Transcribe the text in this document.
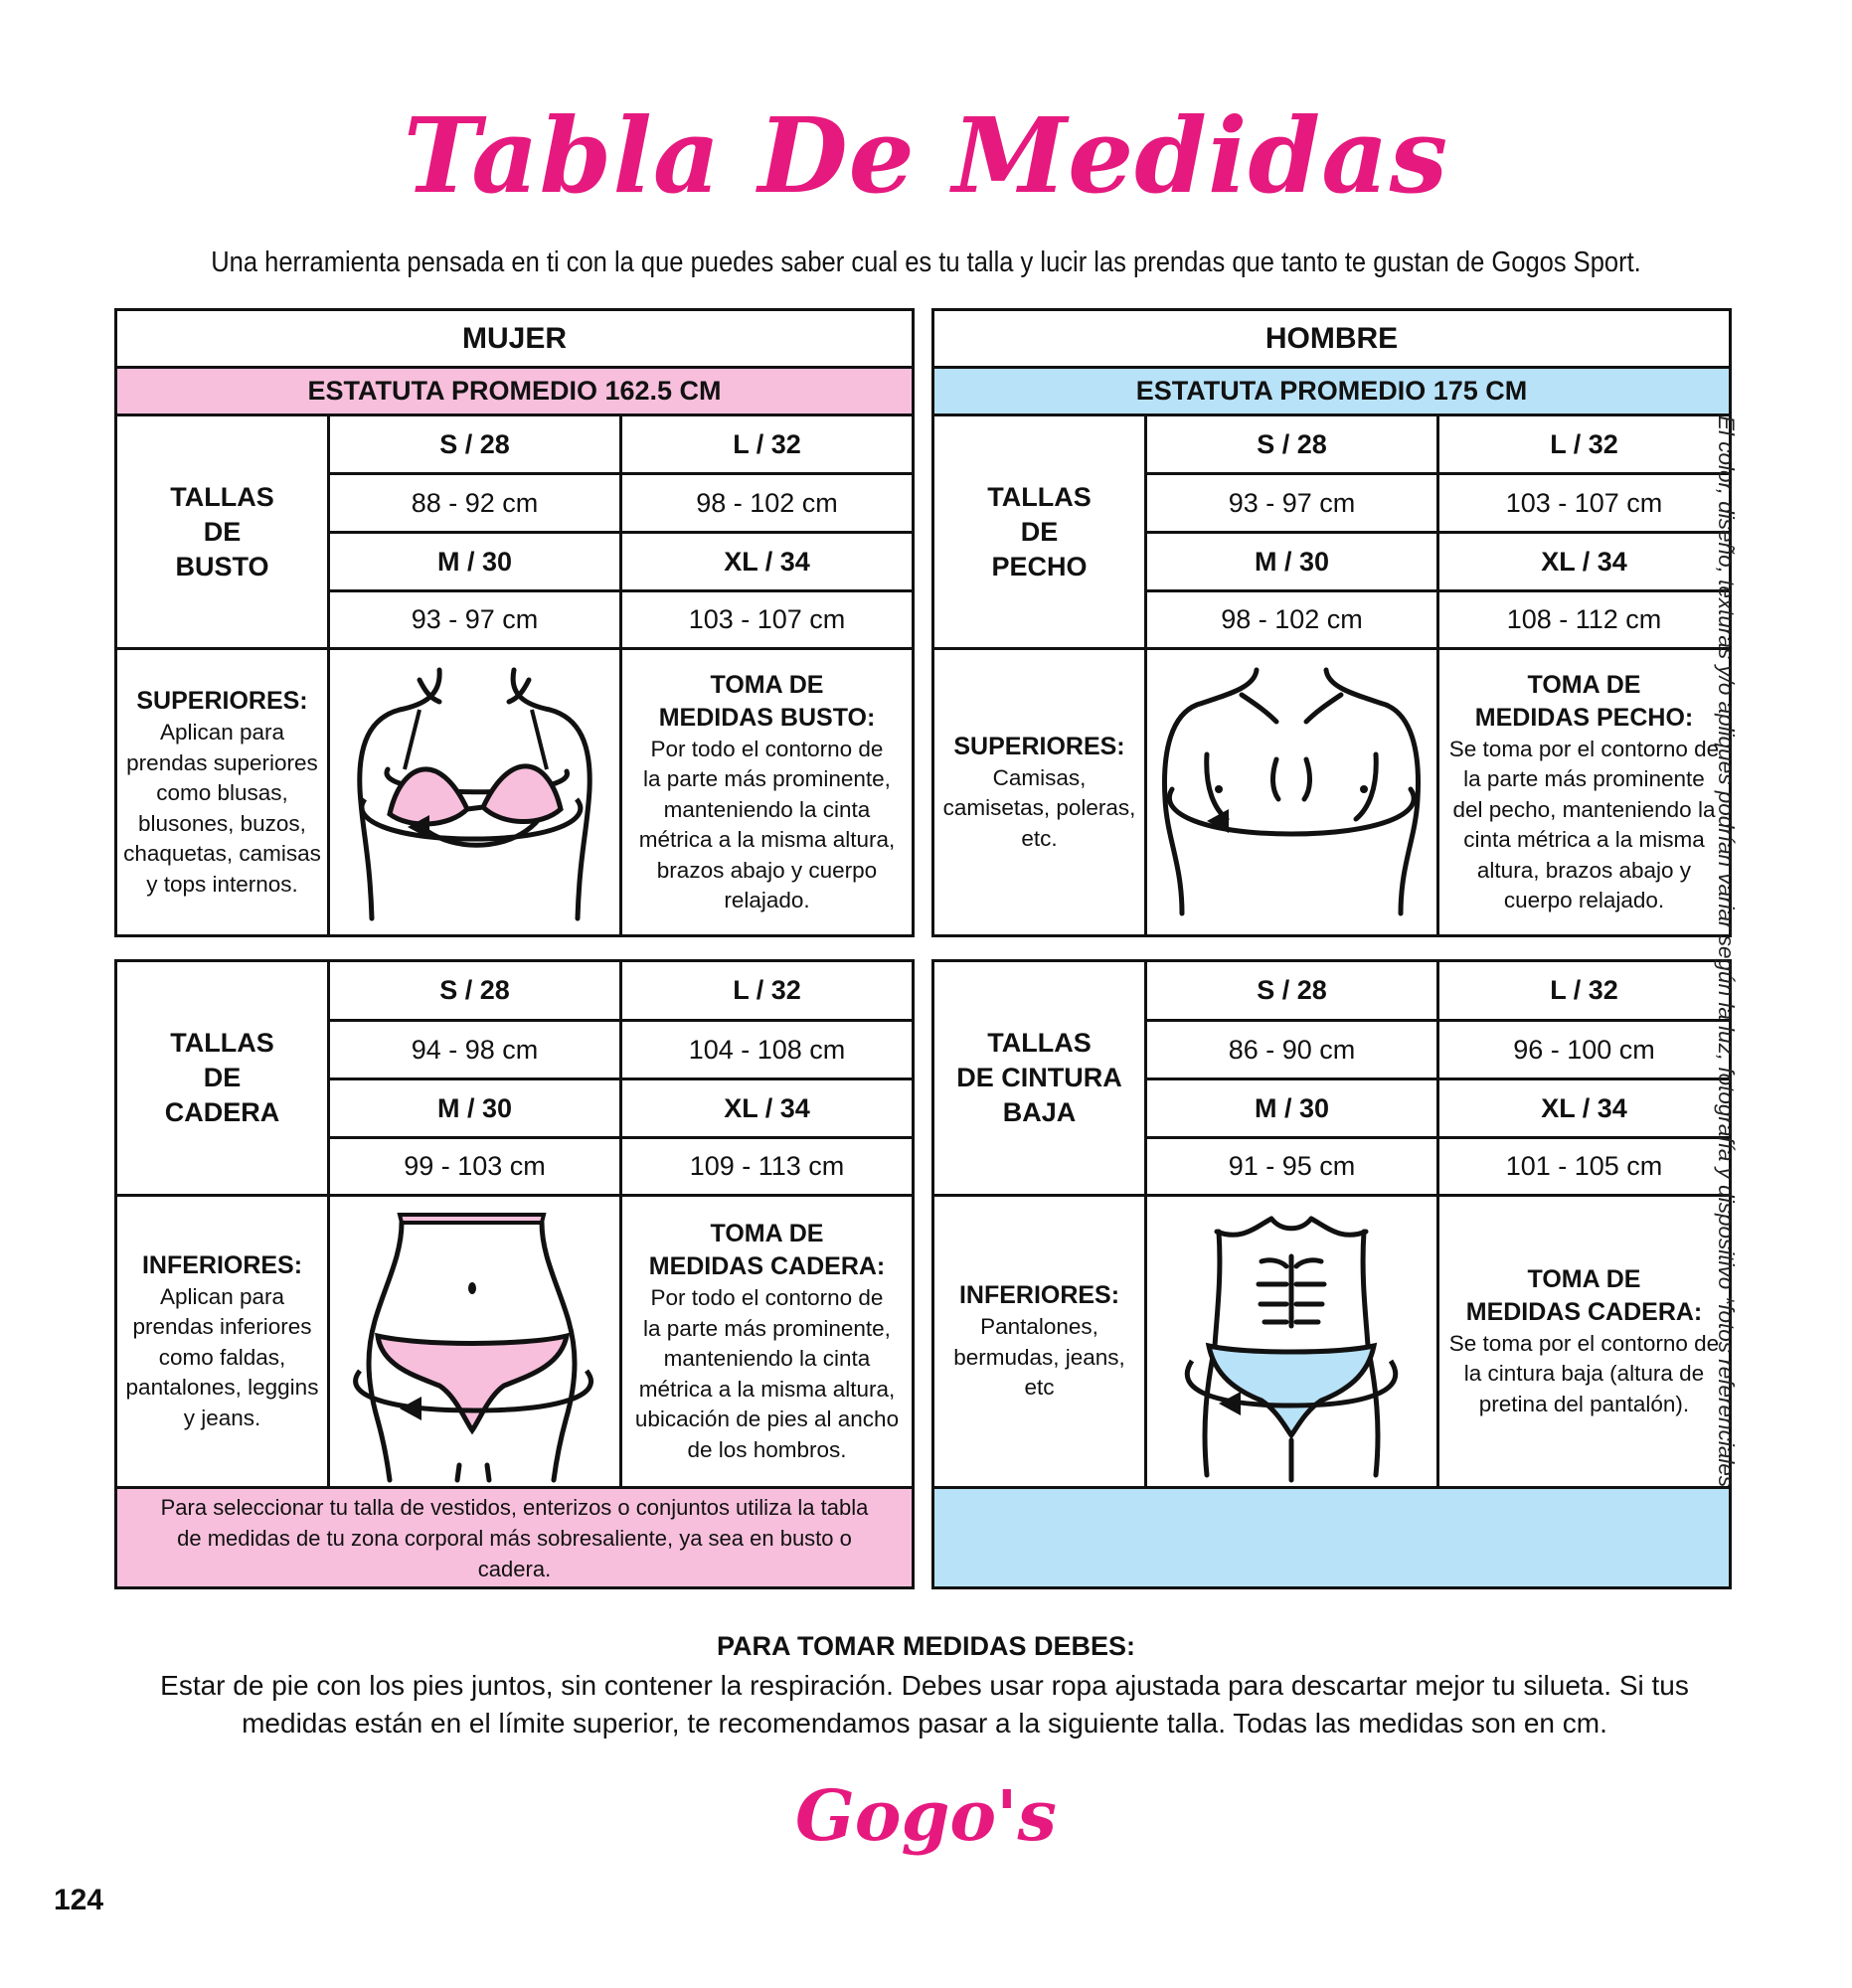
Tabla De Medidas
Una herramienta pensada en ti con la que puedes saber cual es tu talla y lucir las prendas que tanto te gustan de Gogos Sport.
MUJER
ESTATUTA PROMEDIO 162.5 CM
TALLAS
DE
BUSTO
S / 28	L / 32
88 - 92 cm	98 - 102 cm
M / 30	XL / 34
93 - 97 cm	103 - 107 cm
SUPERIORES:
Aplican para
prendas superiores
como blusas,
blusones, buzos,
chaquetas, camisas
y tops internos.
TOMA DE
MEDIDAS BUSTO:
Por todo el contorno de
la parte más prominente,
manteniendo la cinta
métrica a la misma altura,
brazos abajo y cuerpo
relajado.
HOMBRE
ESTATUTA PROMEDIO 175 CM
TALLAS
DE
PECHO
S / 28	L / 32
93 - 97 cm	103 - 107 cm
M / 30	XL / 34
98 - 102 cm	108 - 112 cm
SUPERIORES:
Camisas,
camisetas, poleras,
etc.
TOMA DE
MEDIDAS PECHO:
Se toma por el contorno de
la parte más prominente
del pecho, manteniendo la
cinta métrica a la misma
altura, brazos abajo y
cuerpo relajado.
TALLAS
DE
CADERA
S / 28	L / 32
94 - 98 cm	104 - 108 cm
M / 30	XL / 34
99 - 103 cm	109 - 113 cm
INFERIORES:
Aplican para
prendas inferiores
como faldas,
pantalones, leggins
y jeans.
TOMA DE
MEDIDAS CADERA:
Por todo el contorno de
la parte más prominente,
manteniendo la cinta
métrica a la misma altura,
ubicación de pies al ancho
de los hombros.
Para seleccionar tu talla de vestidos, enterizos o conjuntos utiliza la tabla de medidas de tu zona corporal más sobresaliente, ya sea en busto o cadera.
TALLAS
DE CINTURA
BAJA
S / 28	L / 32
86 - 90 cm	96 - 100 cm
M / 30	XL / 34
91 - 95 cm	101 - 105 cm
INFERIORES:
Pantalones,
bermudas, jeans,
etc
TOMA DE
MEDIDAS CADERA:
Se toma por el contorno de
la cintura baja (altura de
pretina del pantalón).	El color, diseño, texturas y/o apliques podrían variar según la luz, fotografía y dispositivo *fotos referenciales
PARA TOMAR MEDIDAS DEBES:
Estar de pie con los pies juntos, sin contener la respiración. Debes usar ropa ajustada para descartar mejor tu silueta. Si tus medidas están en el límite superior, te recomendamos pasar a la siguiente talla. Todas las medidas son en cm.
Gogo's
124
